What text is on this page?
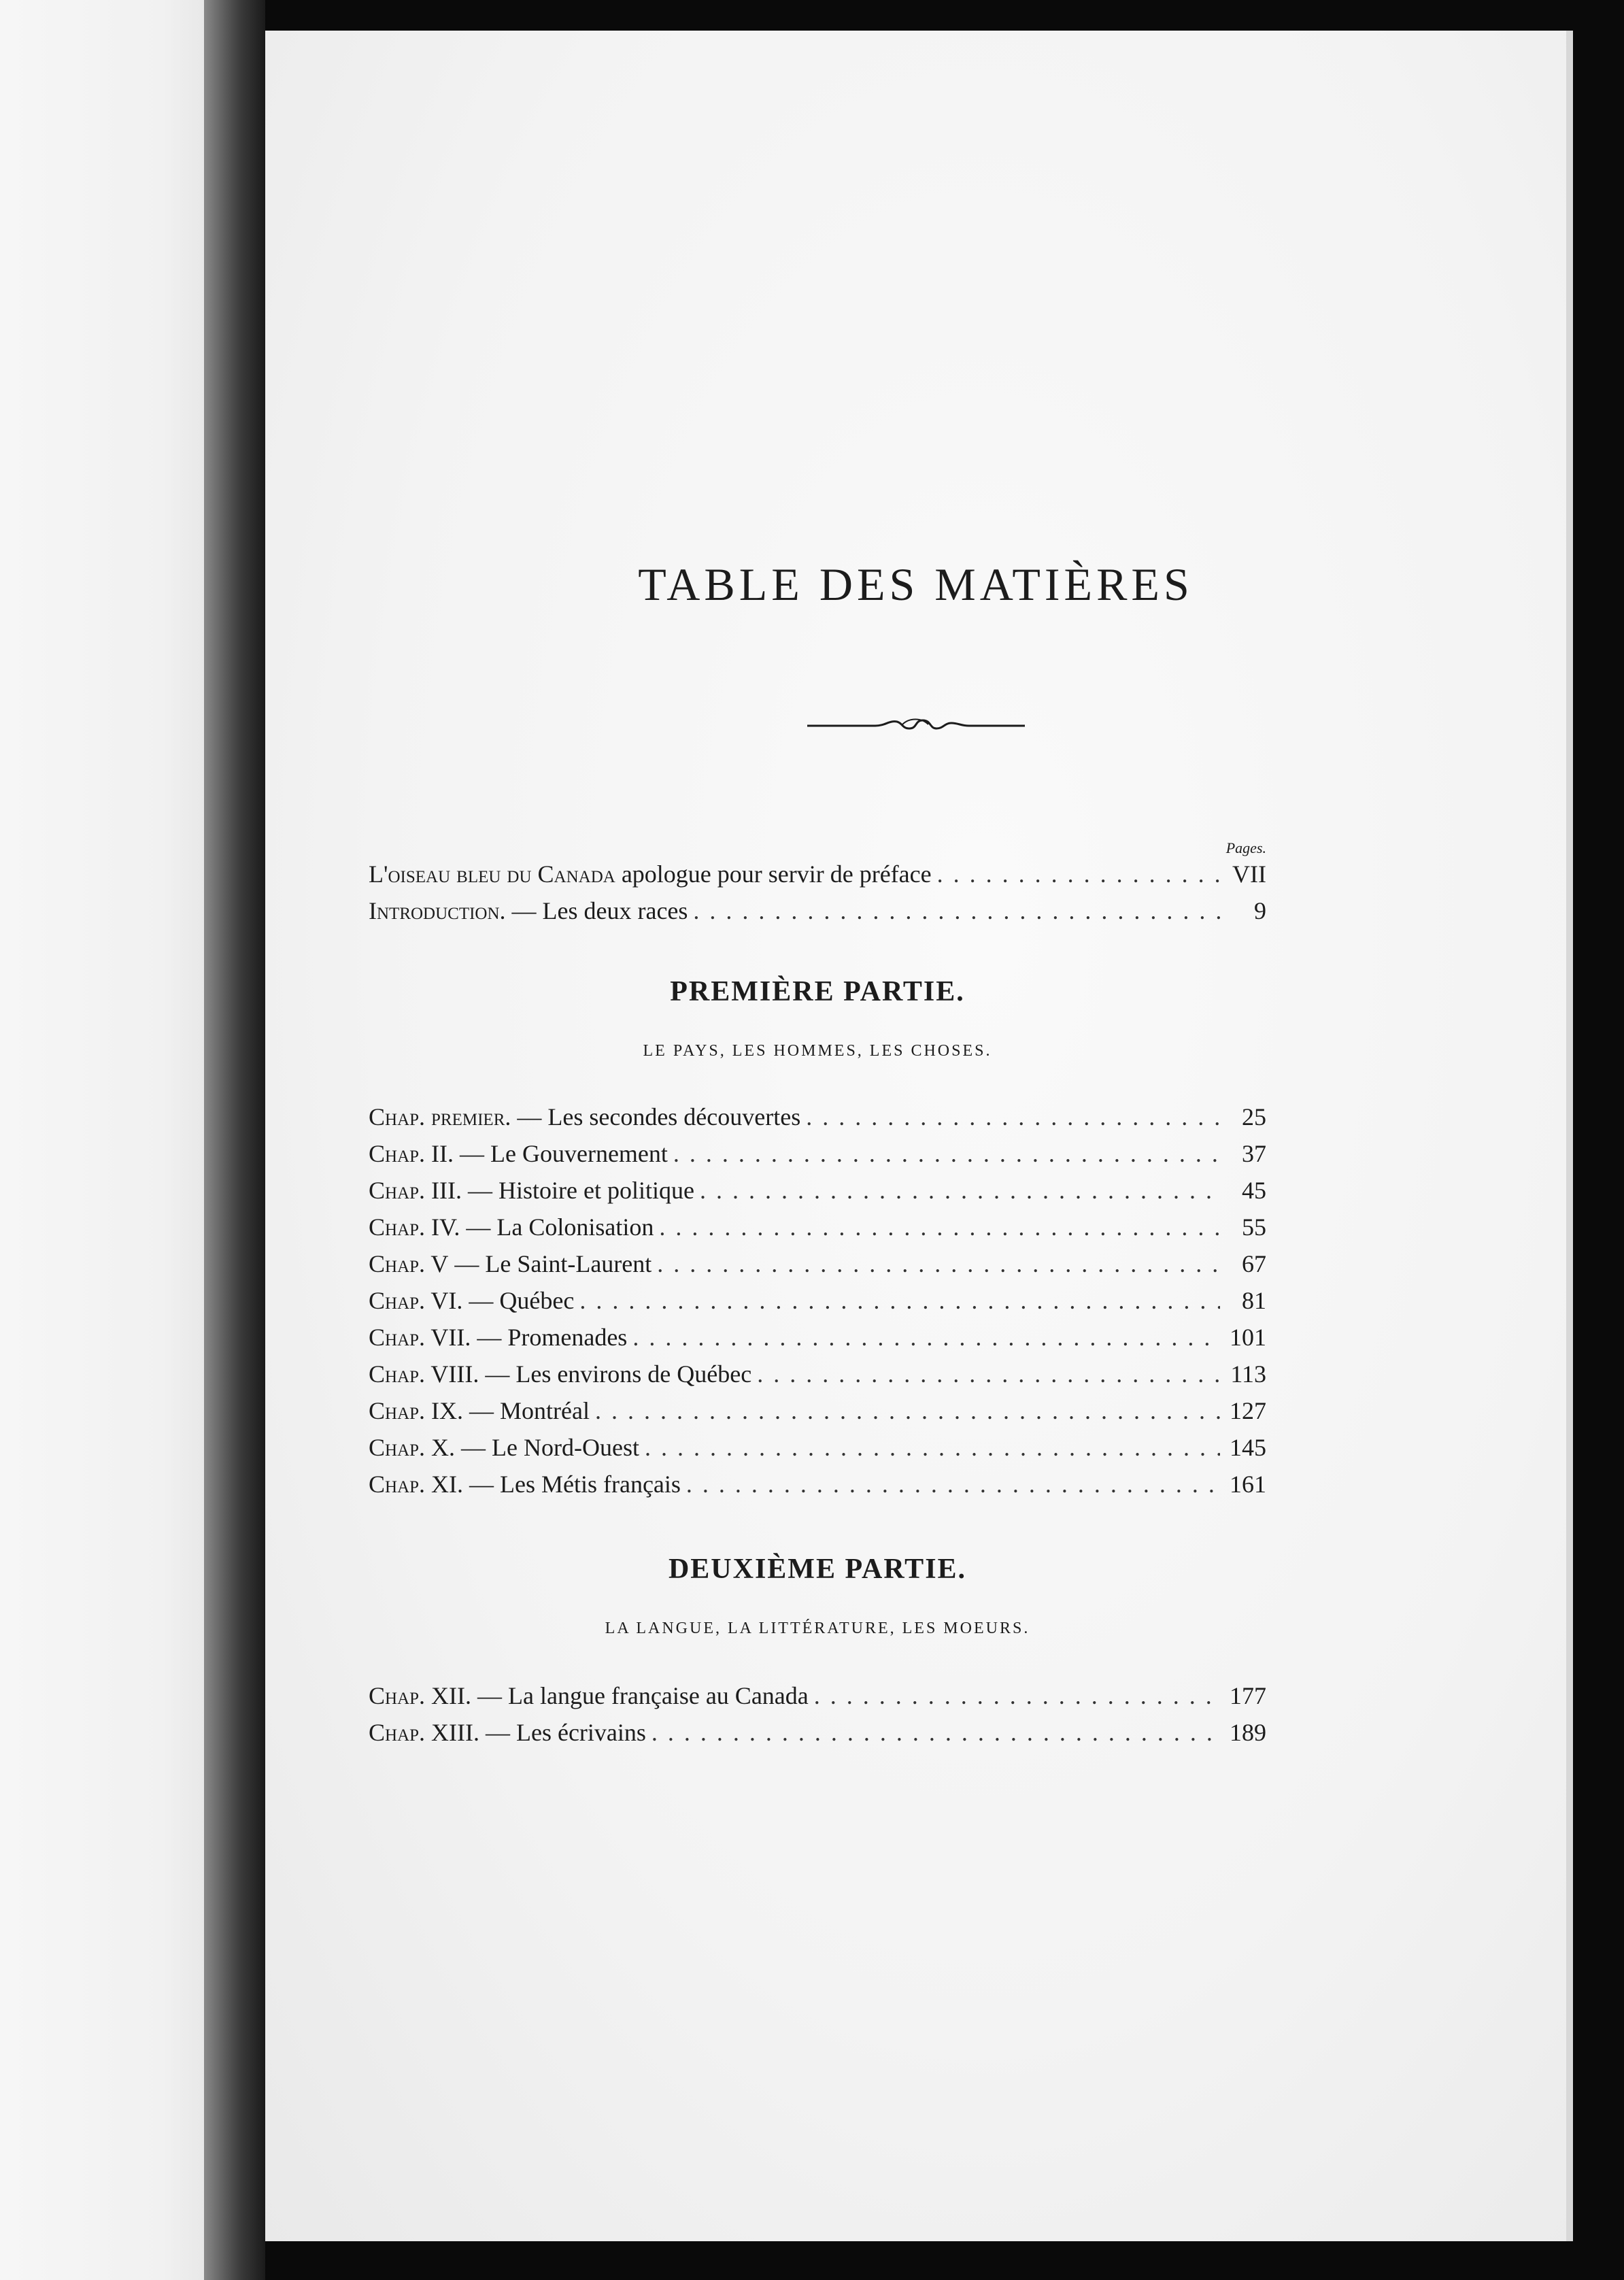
TABLE DES MATIÈRES
Pages.
L'oiseau bleu du Canada apologue pour servir de préface . . .	VII
Introduction. — Les deux races . . .	9
PREMIÈRE PARTIE.

LE PAYS, LES HOMMES, LES CHOSES.

Chap. premier. — Les secondes découvertes . . .	25
Chap. II. — Le Gouvernement . . .	37
Chap. III. — Histoire et politique . . .	45
Chap. IV. — La Colonisation . . .	55
Chap. V — Le Saint-Laurent . . .	67
Chap. VI. — Québec . . .	81
Chap. VII. — Promenades . . .	101
Chap. VIII. — Les environs de Québec . . .	113
Chap. IX. — Montréal . . .	127
Chap. X. — Le Nord-Ouest . . .	145
Chap. XI. — Les Métis français . . .	161
DEUXIÈME PARTIE.

LA LANGUE, LA LITTÉRATURE, LES MOEURS.

Chap. XII. — La langue française au Canada . . .	177
Chap. XIII. — Les écrivains . . .	189
